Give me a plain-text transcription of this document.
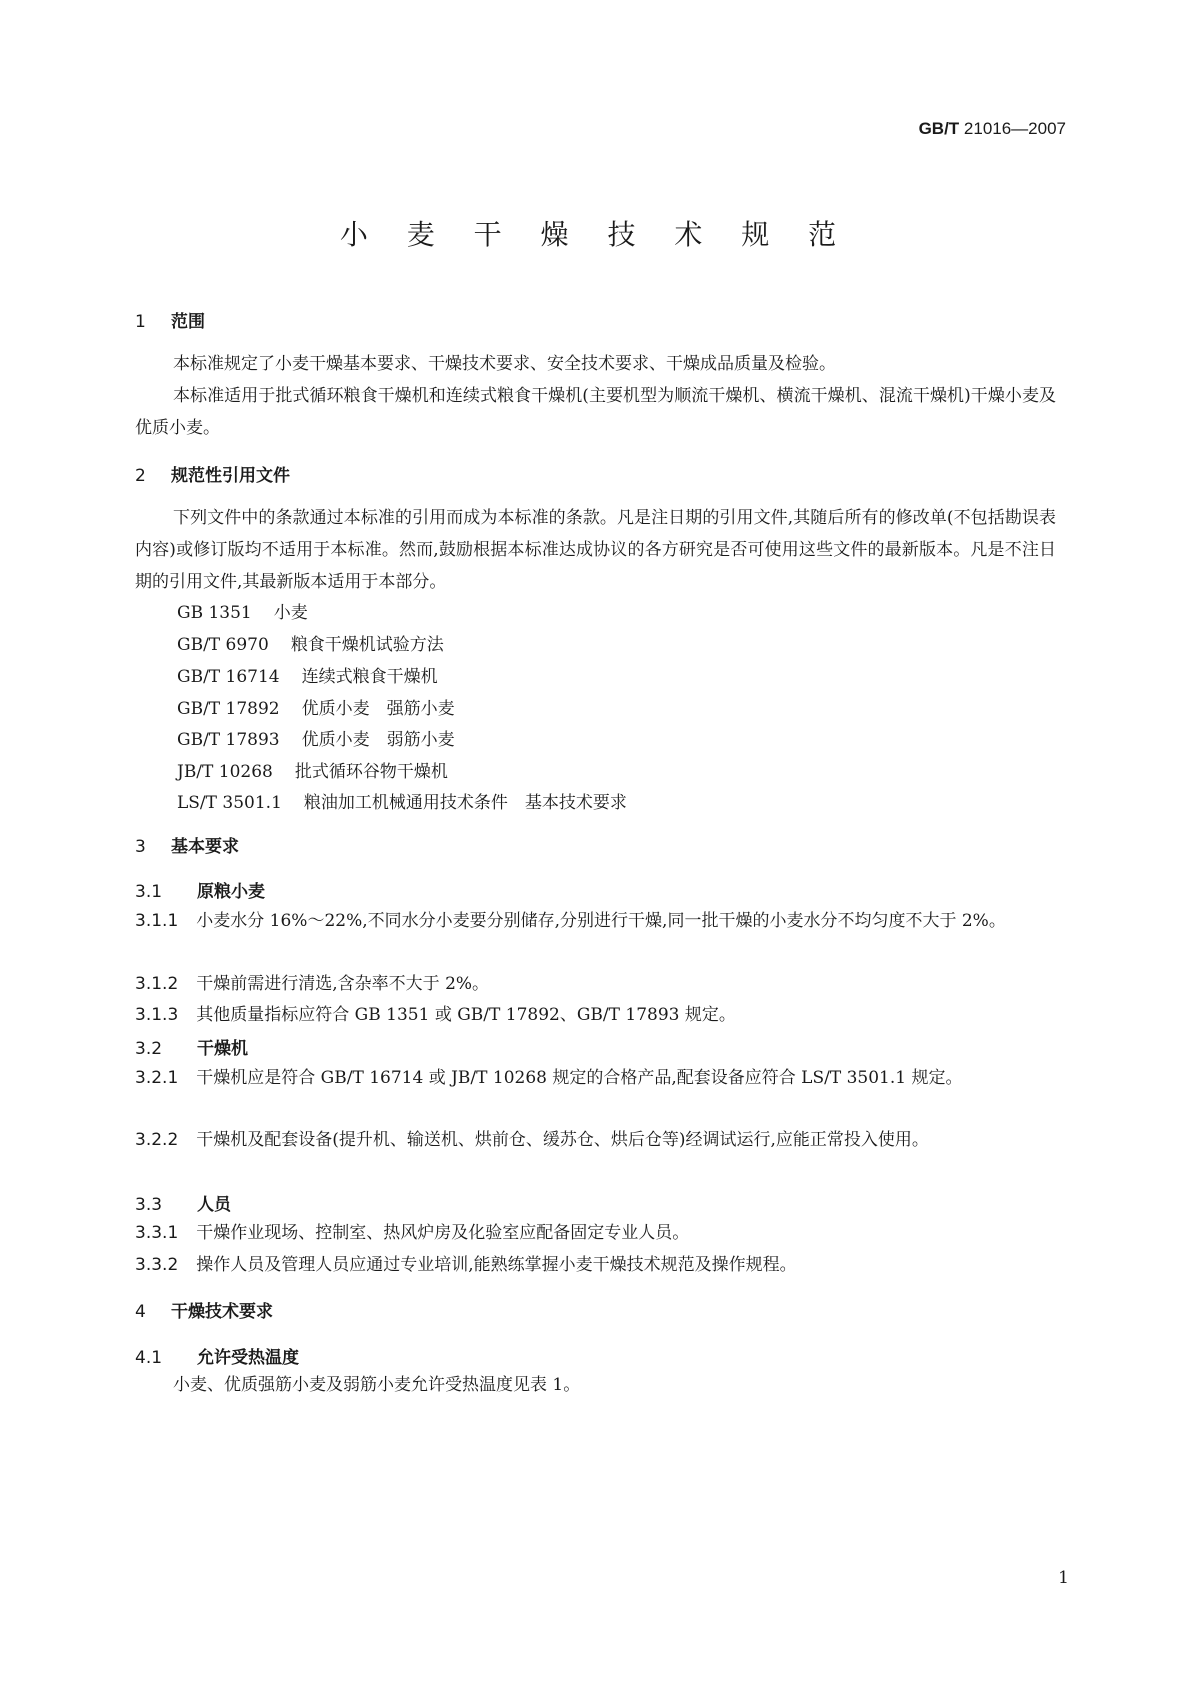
GB/T 21016—2007
小 麦 干 燥 技 术 规 范
1 范围
本标准规定了小麦干燥基本要求、干燥技术要求、安全技术要求、干燥成品质量及检验。
本标准适用于批式循环粮食干燥机和连续式粮食干燥机(主要机型为顺流干燥机、横流干燥机、混流干燥机)干燥小麦及优质小麦。
2 规范性引用文件
下列文件中的条款通过本标准的引用而成为本标准的条款。凡是注日期的引用文件,其随后所有的修改单(不包括勘误表内容)或修订版均不适用于本标准。然而,鼓励根据本标准达成协议的各方研究是否可使用这些文件的最新版本。凡是不注日期的引用文件,其最新版本适用于本部分。
GB 1351 小麦
GB/T 6970 粮食干燥机试验方法
GB/T 16714 连续式粮食干燥机
GB/T 17892 优质小麦　强筋小麦
GB/T 17893 优质小麦　弱筋小麦
JB/T 10268 批式循环谷物干燥机
LS/T 3501.1 粮油加工机械通用技术条件　基本技术要求
3 基本要求
3.1 原粮小麦
3.1.1 小麦水分 16%～22%,不同水分小麦要分别储存,分别进行干燥,同一批干燥的小麦水分不均匀度不大于 2%。
3.1.2 干燥前需进行清选,含杂率不大于 2%。
3.1.3 其他质量指标应符合 GB 1351 或 GB/T 17892、GB/T 17893 规定。
3.2 干燥机
3.2.1 干燥机应是符合 GB/T 16714 或 JB/T 10268 规定的合格产品,配套设备应符合 LS/T 3501.1 规定。
3.2.2 干燥机及配套设备(提升机、输送机、烘前仓、缓苏仓、烘后仓等)经调试运行,应能正常投入使用。
3.3 人员
3.3.1 干燥作业现场、控制室、热风炉房及化验室应配备固定专业人员。
3.3.2 操作人员及管理人员应通过专业培训,能熟练掌握小麦干燥技术规范及操作规程。
4 干燥技术要求
4.1 允许受热温度
小麦、优质强筋小麦及弱筋小麦允许受热温度见表 1。
1
